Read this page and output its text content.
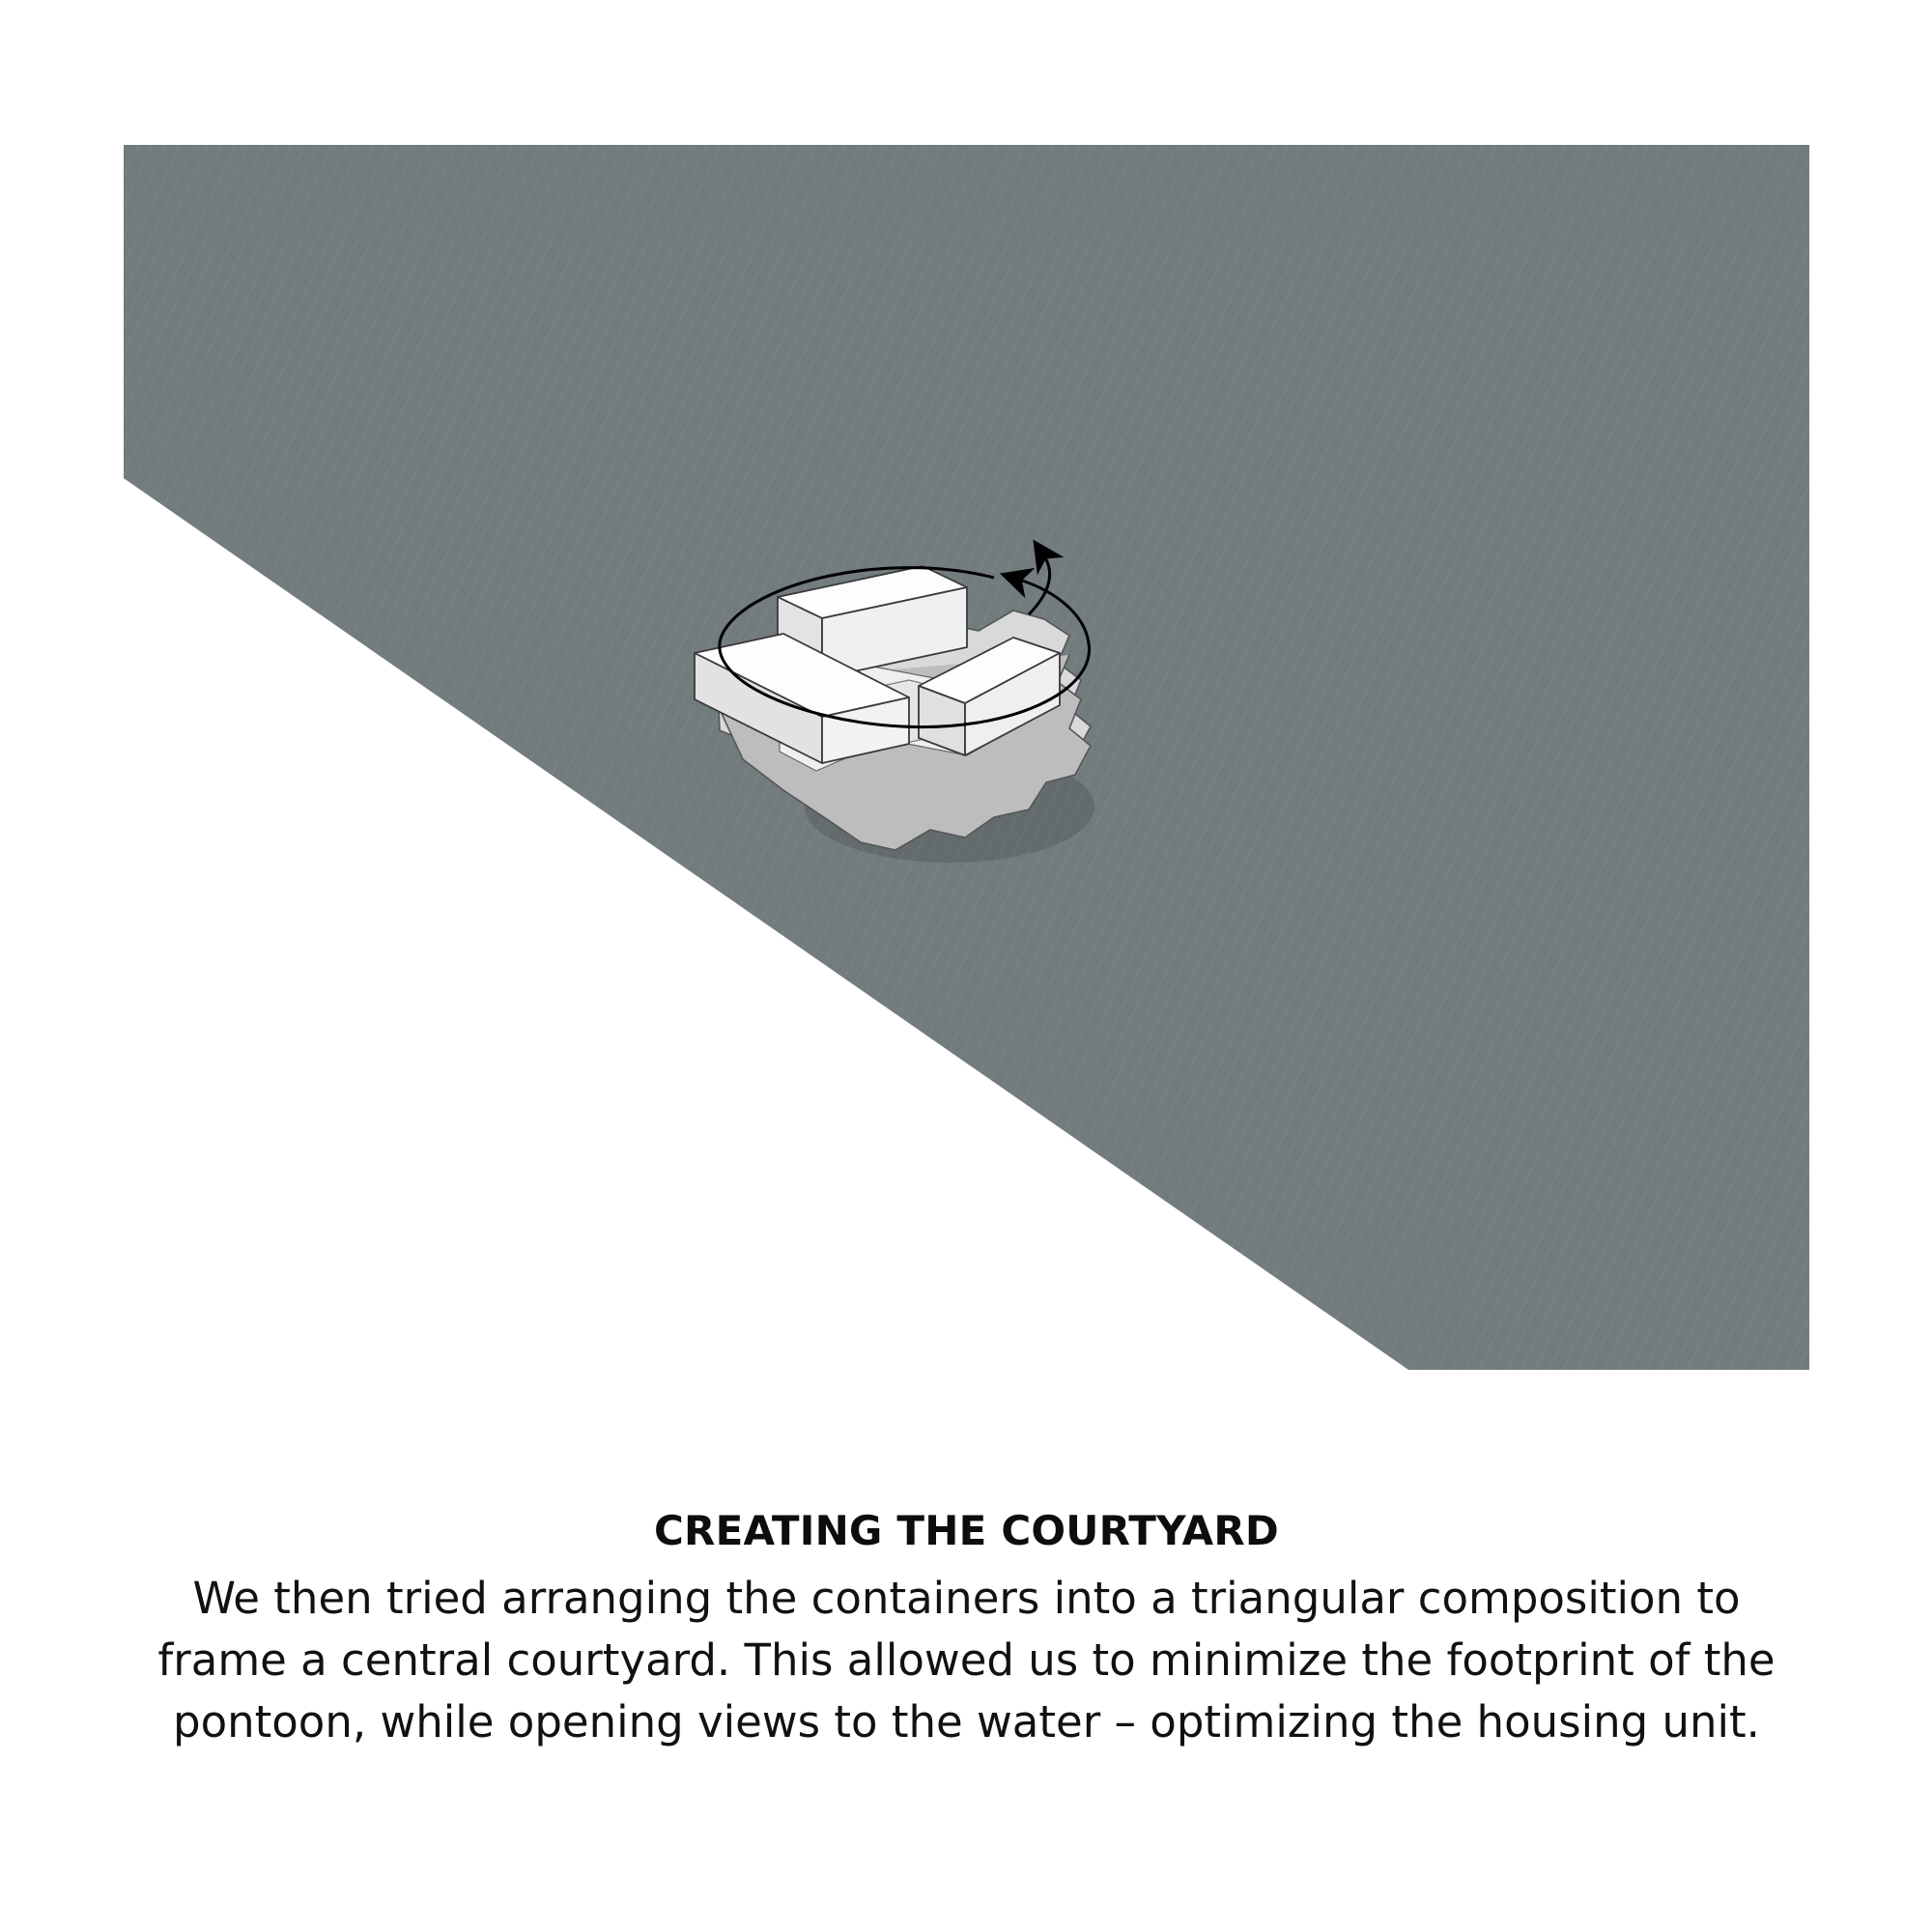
CREATING THE COURTYARD
We then tried arranging the containers into a triangular composition to frame a central courtyard. This allowed us to minimize the footprint of the pontoon, while opening views to the water – optimizing the housing unit.
